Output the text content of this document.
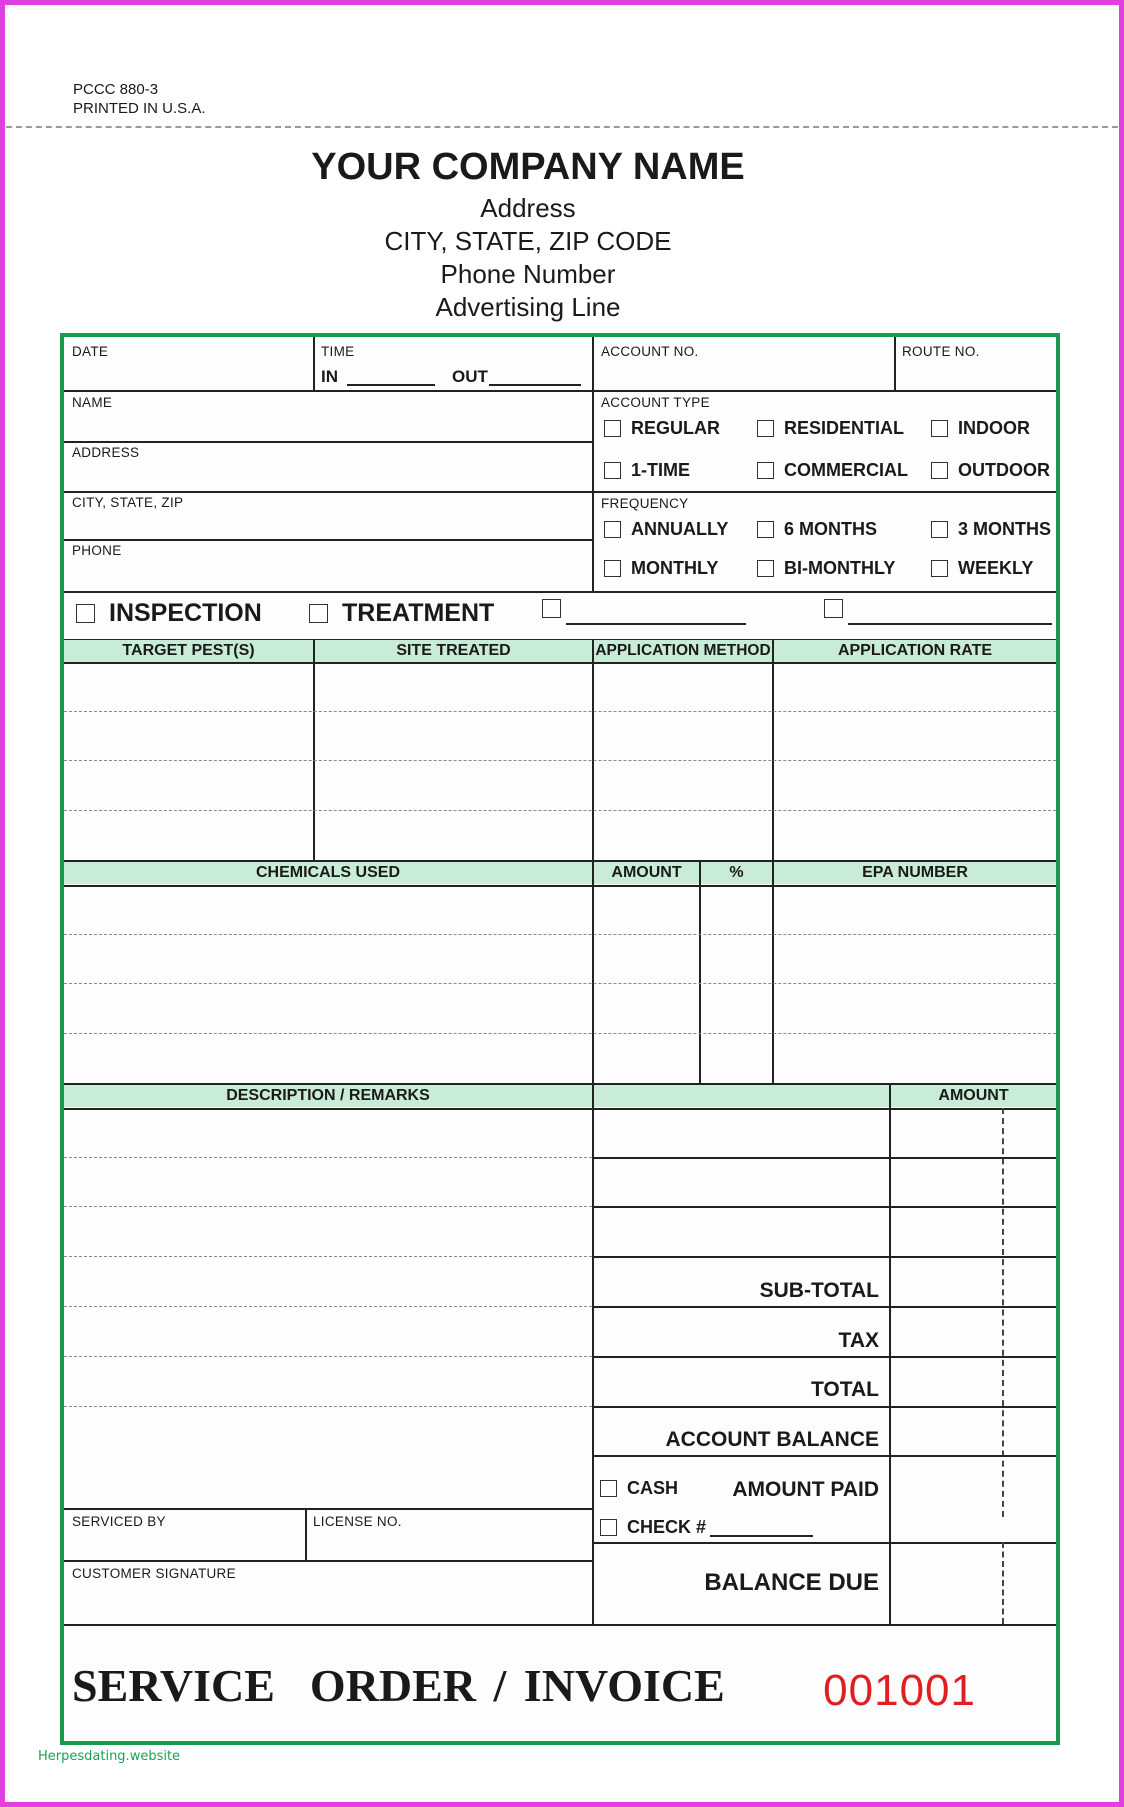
PCCC 880-3
PRINTED IN U.S.A.
YOUR COMPANY NAME
Address
CITY, STATE, ZIP CODE
Phone Number
Advertising Line
DATE	TIME
IN	OUT
ACCOUNT NO.	ROUTE NO.
NAME
ADDRESS
CITY, STATE, ZIP
PHONE
ACCOUNT TYPE
REGULAR	RESIDENTIAL	INDOOR
1-TIME	COMMERCIAL	OUTDOOR
FREQUENCY
ANNUALLY	6 MONTHS	3 MONTHS
MONTHLY	BI-MONTHLY	WEEKLY
INSPECTION	TREATMENT
TARGET PEST(S)	SITE TREATED	APPLICATION METHOD	APPLICATION RATE
CHEMICALS USED	AMOUNT	%	EPA NUMBER
DESCRIPTION / REMARKS	AMOUNT
SUB-TOTAL
TAX
TOTAL
ACCOUNT BALANCE
AMOUNT PAID
CASH
CHECK #
BALANCE DUE
SERVICED BY	LICENSE NO.
CUSTOMER SIGNATURE
SERVICE  ORDER / INVOICE 001001
Herpesdating.website
